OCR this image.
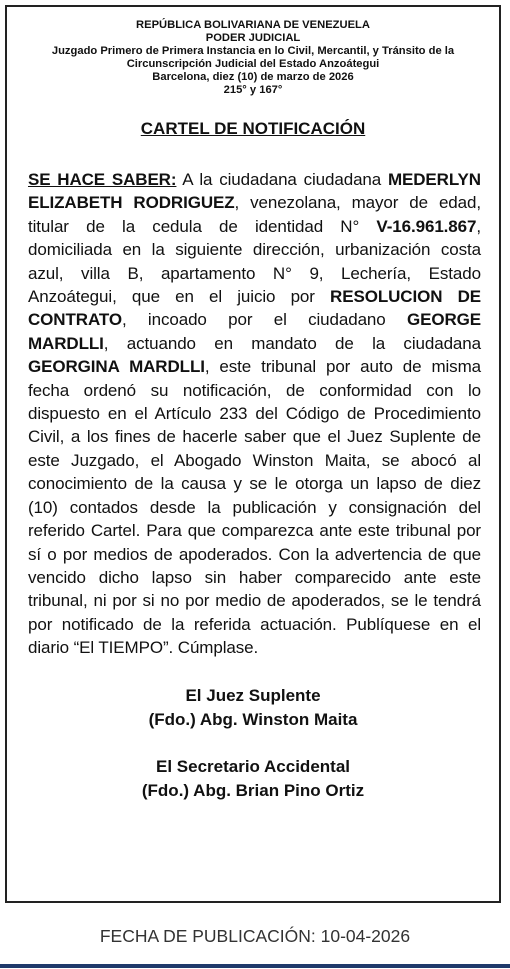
REPÚBLICA BOLIVARIANA DE VENEZUELA
PODER JUDICIAL
Juzgado Primero de Primera Instancia en lo Civil, Mercantil, y Tránsito de la
Circunscripción Judicial del Estado Anzoátegui
Barcelona, diez (10) de marzo de 2026
215° y 167°
CARTEL DE NOTIFICACIÓN
SE HACE SABER: A la ciudadana ciudadana MEDERLYN ELIZABETH RODRIGUEZ, venezolana, mayor de edad, titular de la cedula de identidad N° V-16.961.867, domiciliada en la siguiente dirección, urbanización costa azul, villa B, apartamento N° 9, Lechería, Estado Anzoátegui, que en el juicio por RESOLUCION DE CONTRATO, incoado por el ciudadano GEORGE MARDLLI, actuando en mandato de la ciudadana GEORGINA MARDLLI, este tribunal por auto de misma fecha ordenó su notificación, de conformidad con lo dispuesto en el Artículo 233 del Código de Procedimiento Civil, a los fines de hacerle saber que el Juez Suplente de este Juzgado, el Abogado Winston Maita, se abocó al conocimiento de la causa y se le otorga un lapso de diez (10) contados desde la publicación y consignación del referido Cartel. Para que comparezca ante este tribunal por sí o por medios de apoderados. Con la advertencia de que vencido dicho lapso sin haber comparecido ante este tribunal, ni por si no por medio de apoderados, se le tendrá por notificado de la referida actuación. Publíquese en el diario “El TIEMPO”. Cúmplase.
El Juez Suplente
(Fdo.) Abg. Winston Maita
El Secretario Accidental
(Fdo.) Abg. Brian Pino Ortiz
FECHA DE PUBLICACIÓN: 10-04-2026
